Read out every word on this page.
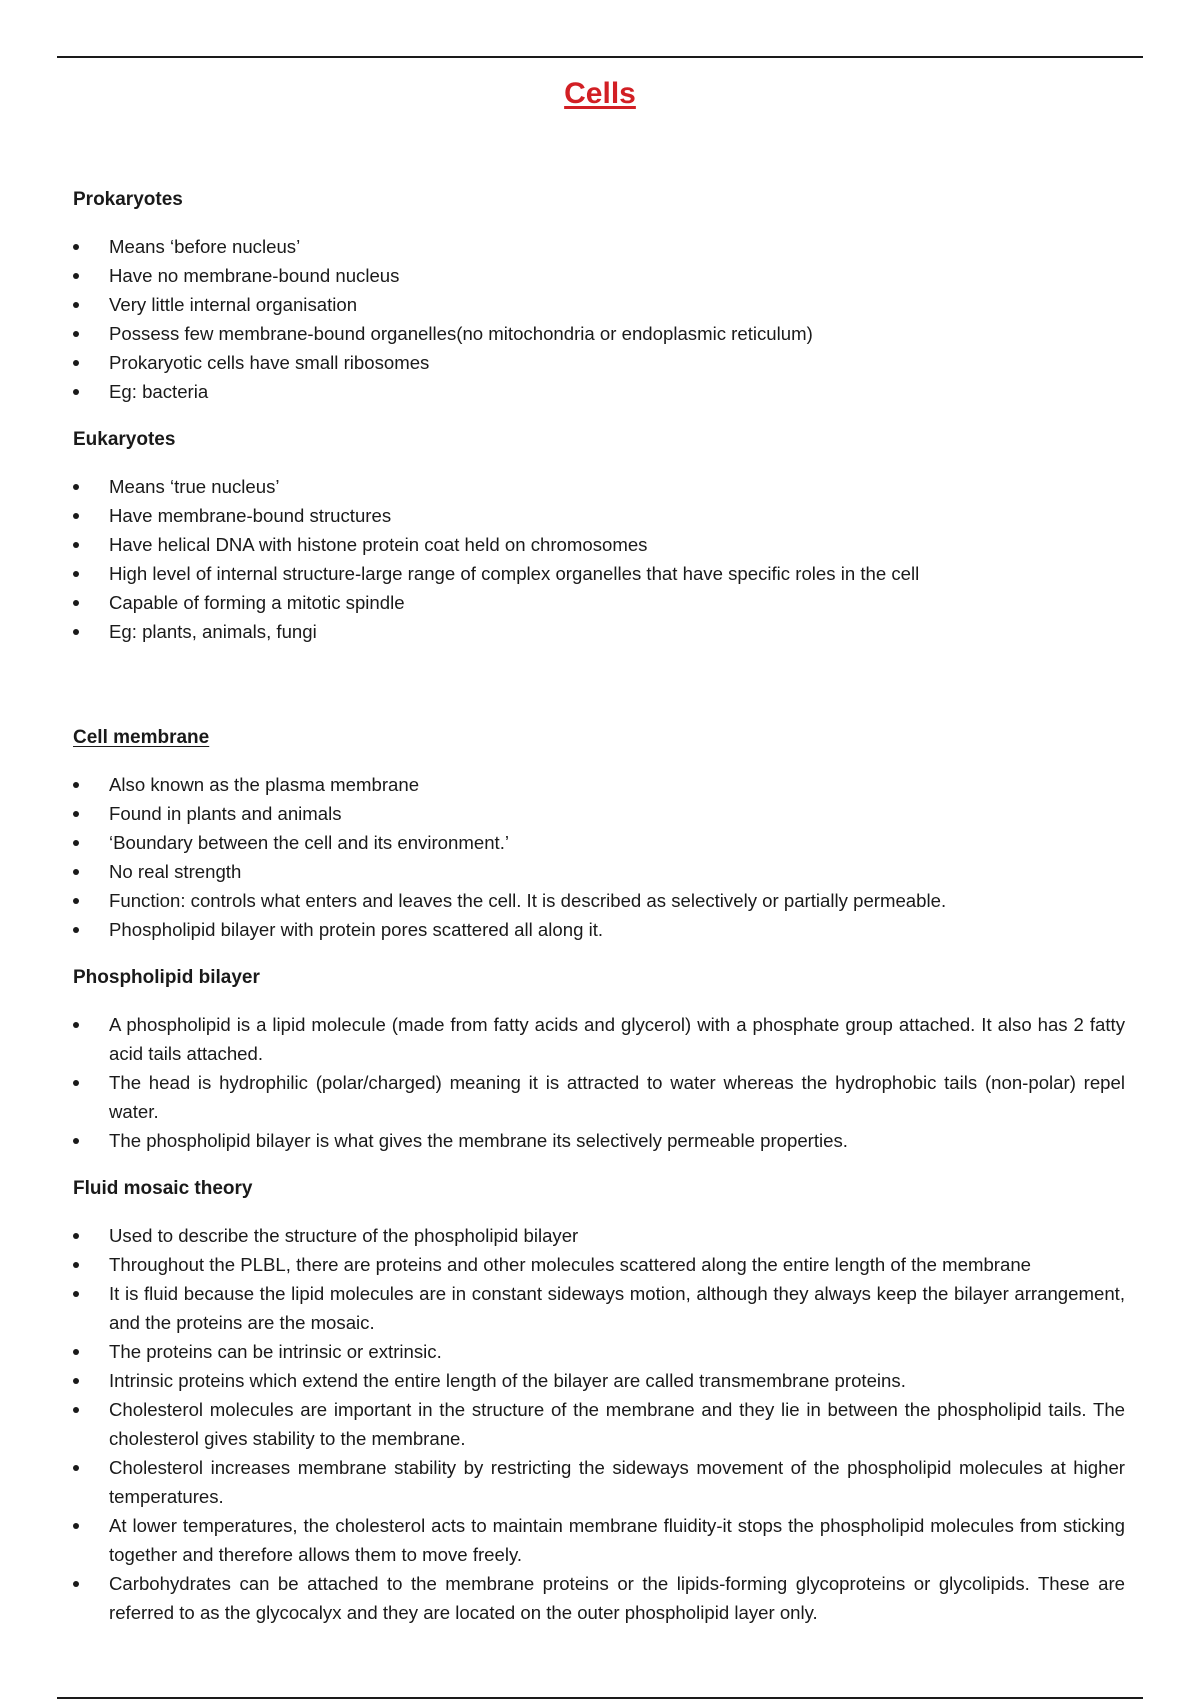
Cells
Prokaryotes
Means ‘before nucleus’
Have no membrane-bound nucleus
Very little internal organisation
Possess few membrane-bound organelles(no mitochondria or endoplasmic reticulum)
Prokaryotic cells have small ribosomes
Eg: bacteria
Eukaryotes
Means ‘true nucleus’
Have membrane-bound structures
Have helical DNA with histone protein coat held on chromosomes
High level of internal structure-large range of complex organelles that have specific roles in the cell
Capable of forming a mitotic spindle
Eg: plants, animals, fungi
Cell membrane
Also known as the plasma membrane
Found in plants and animals
‘Boundary between the cell and its environment.’
No real strength
Function: controls what enters and leaves the cell. It is described as selectively or partially permeable.
Phospholipid bilayer with protein pores scattered all along it.
Phospholipid bilayer
A phospholipid is a lipid molecule (made from fatty acids and glycerol) with a phosphate group attached. It also has 2 fatty acid tails attached.
The head is hydrophilic (polar/charged) meaning it is attracted to water whereas the hydrophobic tails (non-polar) repel water.
The phospholipid bilayer is what gives the membrane its selectively permeable properties.
Fluid mosaic theory
Used to describe the structure of the phospholipid bilayer
Throughout the PLBL, there are proteins and other molecules scattered along the entire length of the membrane
It is fluid because the lipid molecules are in constant sideways motion, although they always keep the bilayer arrangement, and the proteins are the mosaic.
The proteins can be intrinsic or extrinsic.
Intrinsic proteins which extend the entire length of the bilayer are called transmembrane proteins.
Cholesterol molecules are important in the structure of the membrane and they lie in between the phospholipid tails. The cholesterol gives stability to the membrane.
Cholesterol increases membrane stability by restricting the sideways movement of the phospholipid molecules at higher temperatures.
At lower temperatures, the cholesterol acts to maintain membrane fluidity-it stops the phospholipid molecules from sticking together and therefore allows them to move freely.
Carbohydrates can be attached to the membrane proteins or the lipids-forming glycoproteins or glycolipids. These are referred to as the glycocalyx and they are located on the outer phospholipid layer only.
